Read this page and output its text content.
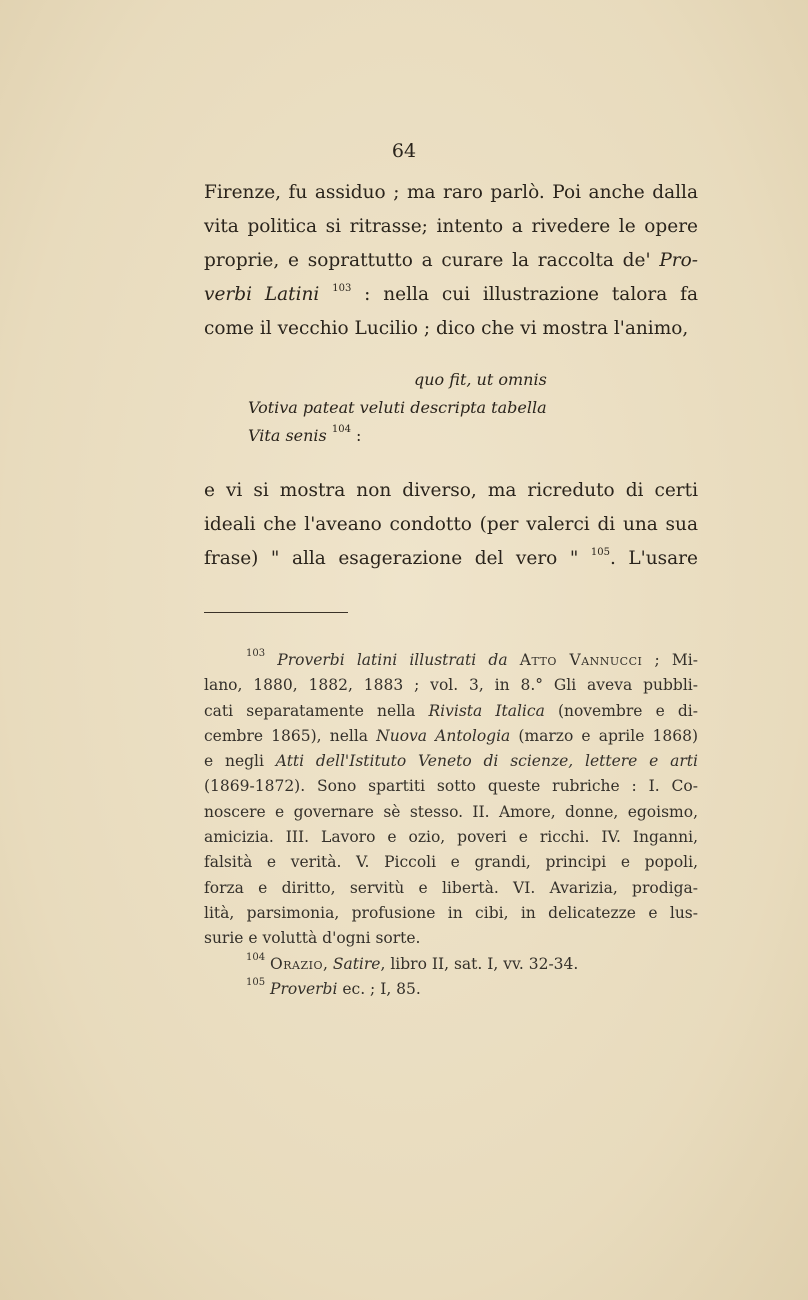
64
Firenze, fu assiduo ; ma raro parlò. Poi anche dalla
vita politica si ritrasse; intento a rivedere le opere
proprie, e soprattutto a curare la raccolta de' Pro-
verbi Latini $^{103}$ : nella cui illustrazione talora fa
come il vecchio Lucilio ; dico che vi mostra l'animo,
quo fit, ut omnis
Votiva pateat veluti descripta tabella
Vita senis $^{104}$ :
e vi si mostra non diverso, ma ricreduto di certi
ideali che l'aveano condotto (per valerci di una sua
frase) " alla esagerazione del vero " $^{105}$. L'usare
$^{103}$ Proverbi latini illustrati da Atto Vannucci ; Mi-
lano, 1880, 1882, 1883 ; vol. 3, in 8.° Gli aveva pubbli-
cati separatamente nella Rivista Italica (novembre e di-
cembre 1865), nella Nuova Antologia (marzo e aprile 1868)
e negli Atti dell'Istituto Veneto di scienze, lettere e arti
(1869-1872). Sono spartiti sotto queste rubriche : I. Co-
noscere e governare sè stesso. II. Amore, donne, egoismo,
amicizia. III. Lavoro e ozio, poveri e ricchi. IV. Inganni,
falsità e verità. V. Piccoli e grandi, principi e popoli,
forza e diritto, servitù e libertà. VI. Avarizia, prodiga-
lità, parsimonia, profusione in cibi, in delicatezze e lus-
surie e voluttà d'ogni sorte.
$^{104}$ Orazio, Satire, libro II, sat. I, vv. 32-34.
$^{105}$ Proverbi ec. ; I, 85.
